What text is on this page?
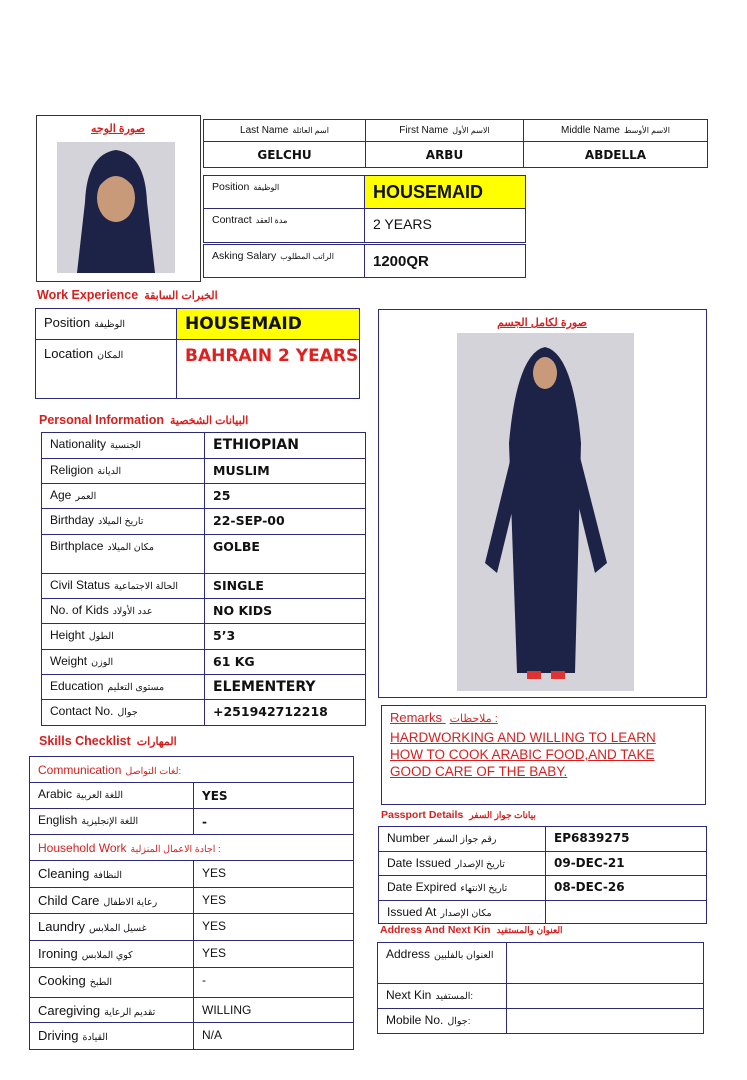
صورة الوجه	Last Name اسم العائلة	First Name الاسم الأول	Middle Name الاسم الأوسط
GELCHU	ARBU	ABDELLA
Position الوظيفة	HOUSEMAID
Contract مدة العقد	2 YEARS
Asking Salary الراتب المطلوب	1200QR
Work Experience الخبرات السابقة
Position الوظيفة	HOUSEMAID
Location المكان	BAHRAIN 2 YEARS
صورة لكامل الجسم
Personal Information البيانات الشخصية
Nationality الجنسية	ETHIOPIAN
Religion الديانة	MUSLIM
Age العمر	25
Birthday تاريخ الميلاد	22-SEP-00
Birthplace مكان الميلاد	GOLBE
Civil Status الحالة الاجتماعية	SINGLE
No. of Kids عدد الأولاد	NO KIDS
Height الطول	5’3
Weight الوزن	61 KG
Education مستوى التعليم	ELEMENTERY
Contact No. جوال	+251942712218
Skills Checklist المهارات
Communication لغات التواصل:	
Arabic اللغة العربية	YES
English اللغة الإنجليزية	-
Household Work اجادة الاعمال المنزلية :	
Cleaning النظافة	YES
Child Care رعاية الاطفال	YES
Laundry غسيل الملابس	YES
Ironing كوي الملابس	YES
Cooking الطبخ	-
Caregiving تقديم الرعاية	WILLING
Driving القيادة	N/A
Remarks ملاحظات :
HARDWORKING AND WILLING TO LEARN
HOW TO COOK ARABIC FOOD,AND TAKE
GOOD CARE OF THE BABY.
Passport Details بيانات جواز السفر
Number رقم جواز السفر	EP6839275
Date Issued تاريخ الإصدار	09-DEC-21
Date Expired تاريخ الانتهاء	08-DEC-26
Issued At مكان الإصدار	
Address And Next Kin العنوان والمستفيد
Address العنوان بالفلبين	
Next Kin المستفيد:	
Mobile No. جوال:	
